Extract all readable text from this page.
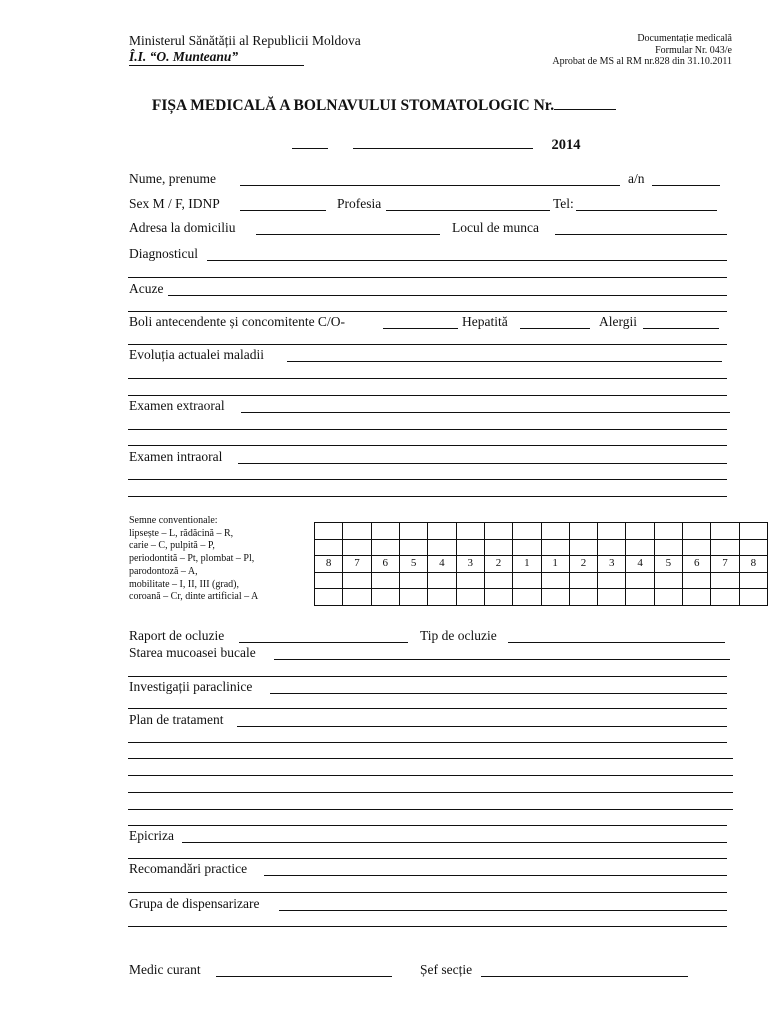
Ministerul Sănătății al Republicii Moldova
Î.I. “O. Munteanu”
Documentație medicală
Formular Nr. 043/e
Aprobat de MS al RM nr.828 din 31.10.2011
FIȘA MEDICALĂ A BOLNAVULUI STOMATOLOGIC Nr.
2014
Nume, prenume	a/n
Sex M / F, IDNP	Profesia	Tel:
Adresa la domiciliu	Locul de munca
Diagnosticul
Acuze
Boli antecendente și concomitente C/O-	Hepatită	Alergii
Evoluția actualei maladii
Examen extraoral
Examen intraoral
Semne conventionale:
lipsește – L, rădăcină – R,
carie – C, pulpită – P,
periodontită – Pt, plombat – Pl,
parodontoză – A,
mobilitate – I, II, III (grad),
coroană – Cr, dinte artificial – A

8	7	6	5	4	3	2	1	1	2	3	4	5	6	7	8

Raport de ocluzie	Tip de ocluzie
Starea mucoasei bucale
Investigații paraclinice
Plan de tratament
Epicriza
Recomandări practice
Grupa de dispensarizare
Medic curant	Șef secție
